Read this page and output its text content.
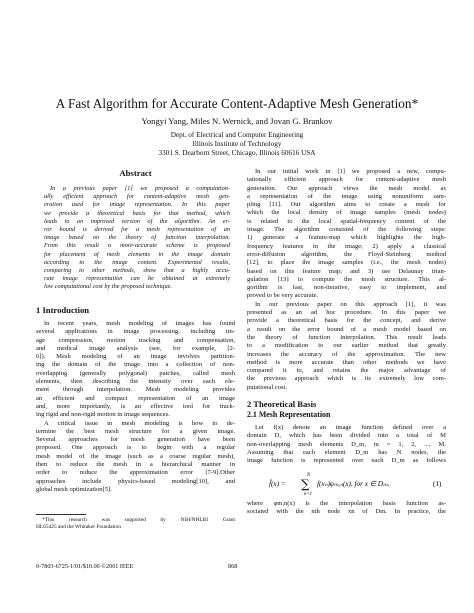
A Fast Algorithm for Accurate Content-Adaptive Mesh Generation*
Yongyi Yang, Miles N. Wernick, and Jovan G. Brankov
Dept. of Electrical and Computer Engineering
Illinois Institute of Technology
3301 S. Dearborn Street, Chicago, Illinois 60616 USA
Abstract
In a previous paper [1] we proposed a computation-
ally efficient approach for content-adaptive mesh gen-
eration used for image representation. In this paper
we provide a theoretical basis for that method, which
leads to an improved version of the algorithm. An er-
ror bound is derived for a mesh representation of an
image based on the theory of function interpolation.
From this result a more-accurate scheme is proposed
for placement of mesh elements in the image domain
according to the image content. Experimental results,
comparing to other methods, show that a highly accu-
rate image representation can be obtained at extremely
low computational cost by the proposed technique.
1 Introduction
In recent years, mesh modeling of images has found
several applications in image processing, including im-
age compression, motion tracking and compensation,
and medical image analysis (see, for example, [2-
6]). Mesh modeling of an image involves partition-
ing the domain of the image into a collection of non-
overlapping (generally polygonal) patches, called mesh
elements, then describing the intensity over each ele-
ment through interpolation. Mesh modeling provides
an efficient and compact representation of an image
and, more importantly, is an effective tool for track-
ing rigid and non-rigid motion in image sequences.
A critical issue in mesh modeling is how to de-
termine the best mesh structure for a given image.
Several approaches for mesh generation have been
proposed. One approach is to begin with a regular
mesh model of the image (such as a coarse regular mesh),
then to reduce the mesh in a hierarchical manner in
order to reduce the approximation error [7-9].Other
approaches include physics-based modeling[10], and
global mesh optimization[5].
*This research was supported by NIH/NHLBI Grant
HL65425 and the Whitaker Foundation
In our initial work in [1] we proposed a new, compu-
tationally efficient approach for content-adaptive mesh
generation. Our approach views the mesh model as
a representation of the image using nonuniform sam-
pling [11]. Our algorithm aims to create a mesh for
which the local density of image samples (mesh nodes)
is related to the local spatial-frequency content of the
image. The algorithm consisted of the following steps:
1) generate a feature-map which highlights the high-
frequency features in the image; 2) apply a classical
error-diffusion algorithm, the Floyd-Steinberg method
[12], to place the image samples (i.e., the mesh nodes)
based on this feature map; and 3) use Delaunay trian-
gulation [13] to compute the mesh structure. This al-
gorithm is fast, non-iterative, easy to implement, and
proved to be very accurate.
In our previous paper on this approach [1], it was
presented as an ad hoc procedure. In this paper we
provide a theoretical basis for the concept, and derive
a result on the error bound of a mesh model based on
the theory of function interpolation. This result leads
to a modification to our earlier method that greatly
increases the accuracy of the approximation. The new
method is more accurate than other methods we have
compared it to, and retains the major advantage of
the previous approach which is its extremely low com-
putational cost.
2 Theoretical Basis
2.1 Mesh Representation
Let f(x) denote an image function defined over a
domain D, which has been divided into a total of M
non-overlapping mesh elements D_m, m = 1, 2, ..., M.
Assuming that each element D_m has N nodes, the
image function is represented over each D_m as follows
f̂(x) =
N
∑
n=1
f(xₙ)φₘ,ₙ(x), for x ∈ Dₘ,	(1)
where φm,n(x) is the interpolation basis function as-
sociated with the nth node xn of Dm. In practice, the
0-7803-6725-1/01/$10.00 ©2001 IEEE	868
